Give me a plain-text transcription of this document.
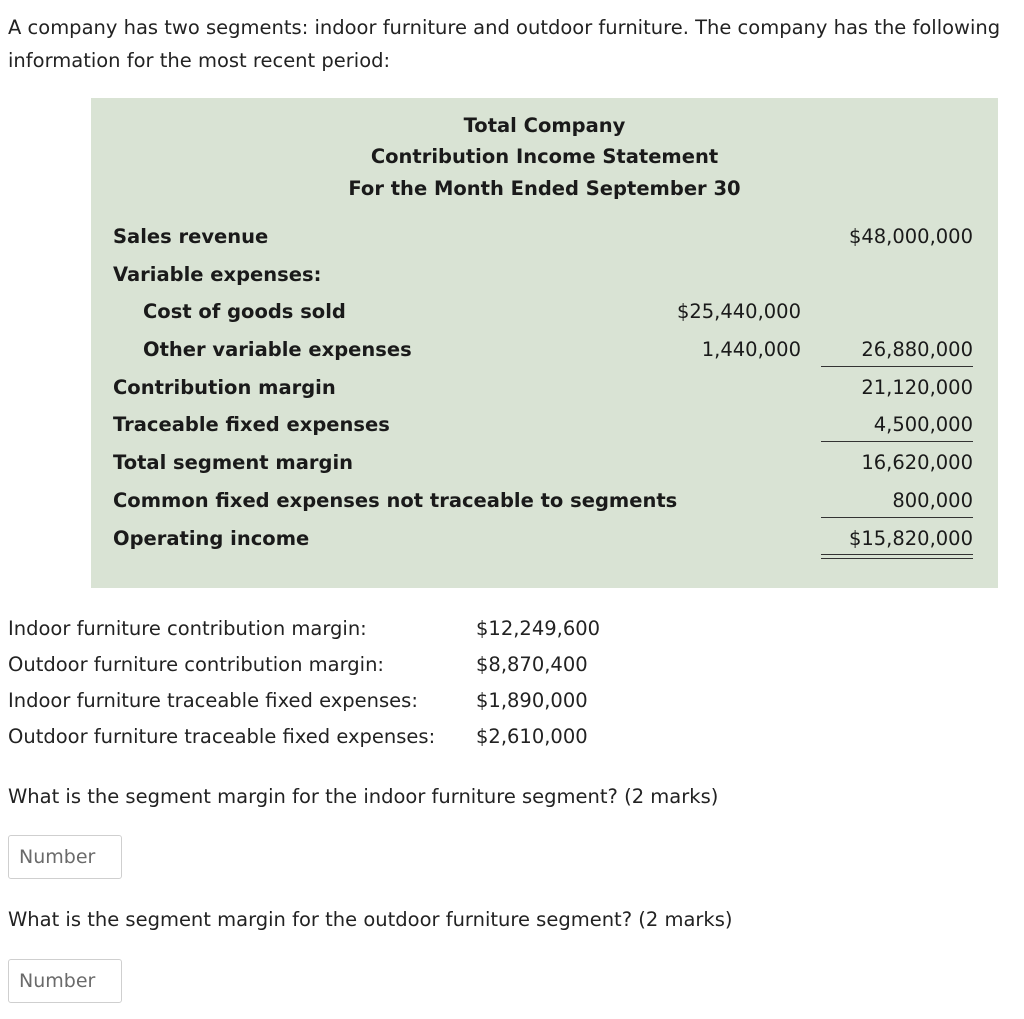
A company has two segments: indoor furniture and outdoor furniture. The company has the following information for the most recent period:
Total Company
Contribution Income Statement
For the Month Ended September 30
Sales revenue	$48,000,000
Variable expenses:
Cost of goods sold	$25,440,000
Other variable expenses	1,440,000	26,880,000
Contribution margin	21,120,000
Traceable fixed expenses	4,500,000
Total segment margin	16,620,000
Common fixed expenses not traceable to segments	800,000
Operating income	$15,820,000
Indoor furniture contribution margin:	$12,249,600
Outdoor furniture contribution margin:	$8,870,400
Indoor furniture traceable fixed expenses:	$1,890,000
Outdoor furniture traceable fixed expenses: $2,610,000
What is the segment margin for the indoor furniture segment? (2 marks)
Number
What is the segment margin for the outdoor furniture segment? (2 marks)
Number
